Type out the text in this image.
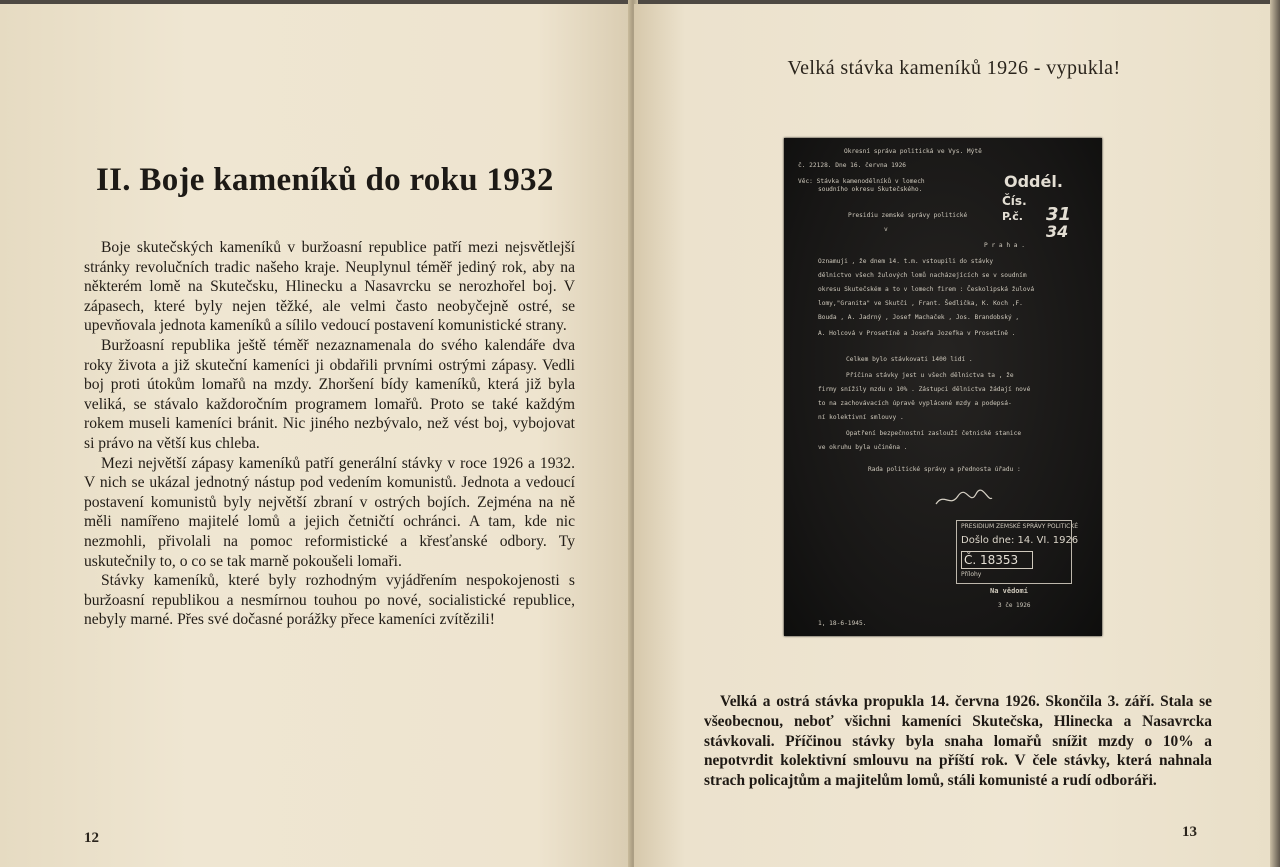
II. Boje kameníků do roku 1932

Boje skutečských kameníků v buržoasní republice patří mezi nejsvětlejší stránky revolučních tradic našeho kraje. Neuplynul téměř jediný rok, aby na některém lomě na Skutečsku, Hlinecku a Nasavrcku se nerozhořel boj. V zápasech, které byly nejen těžké, ale velmi často neobyčejně ostré, se upevňovala jednota kameníků a sílilo vedoucí postavení komunistické strany.

Buržoasní republika ještě téměř nezaznamenala do svého kalendáře dva roky života a již skuteční kameníci ji obdařili prvními ostrými zápasy. Vedli boj proti útokům lomařů na mzdy. Zhoršení bídy kameníků, která již byla veliká, se stávalo každoročním programem lomařů. Proto se také každým rokem museli kameníci bránit. Nic jiného nezbývalo, než vést boj, vybojovat si právo na větší kus chleba.

Mezi největší zápasy kameníků patří generální stávky v roce 1926 a 1932. V nich se ukázal jednotný nástup pod vedením komunistů. Jednota a vedoucí postavení komunistů byly největší zbraní v ostrých bojích. Zejména na ně měli namířeno majitelé lomů a jejich četničtí ochránci. A tam, kde nic nezmohli, přivolali na pomoc reformistické a křesťanské odbory. Ty uskutečnily to, o co se tak marně pokoušeli lomaři.

Stávky kameníků, které byly rozhodným vyjádřením nespokojenosti s buržoasní republikou a nesmírnou touhou po nové, socialistické republice, nebyly marné. Přes své dočasné porážky přece kameníci zvítězili!

12
Velká stávka kameníků 1926 - vypukla!
Okresní správa politická ve Vys. Mýtě
č. 22128. Dne 16. června 1926
Věc: Stávka kamenodělníků v lomech
soudního okresu Skutečského.
Presidiu zemské správy politické
v
P r a h a .
Oznamuji , že dnem 14. t.m. vstoupili do stávky
dělnictvo všech žulových lomů nacházejících se v soudním
okresu Skutečském a to v lomech firem : Českolipská žulová
lomy,"Granita" ve Skutči , Frant. Šedlička, K. Koch ,F.
Bouda , A. Jadrný , Josef Machaček , Jos. Brandobský ,
A. Holcová v Prosetíně a Josefa Jozefka v Prosetíně .
Celkem bylo stávkovati 1400 lidí .
Příčina stávky jest u všech dělnictva ta , že
firmy snížily mzdu o 10% . Zástupci dělnictva žádají nové
to na zachovávacích úpravě vyplácené mzdy a podepsá-
ní kolektivní smlouvy .
Opatření bezpečnostní zaslouží četnické stanice
ve okruhu byla učiněna .
Rada politické správy a přednosta úřadu :
Oddél.
Čís.
P.č. 31
34
PRESIDIUM ZEMSKÉ SPRÁVY POLITICKÉ
Došlo dne: 14. VI. 1926
Č. 18353
Přílohy
Na vědomí
3 ĉe 1926
1, 18-6-1945.

Velká a ostrá stávka propukla 14. června 1926. Skončila 3. září. Stala se všeobecnou, neboť všichni kameníci Skutečska, Hlinecka a Nasavrcka stávkovali. Příčinou stávky byla snaha lomařů snížit mzdy o 10% a nepotvrdit kolektivní smlouvu na příští rok. V čele stávky, která nahnala strach policajtům a majitelům lomů, stáli komunisté a rudí odboráři.

13
